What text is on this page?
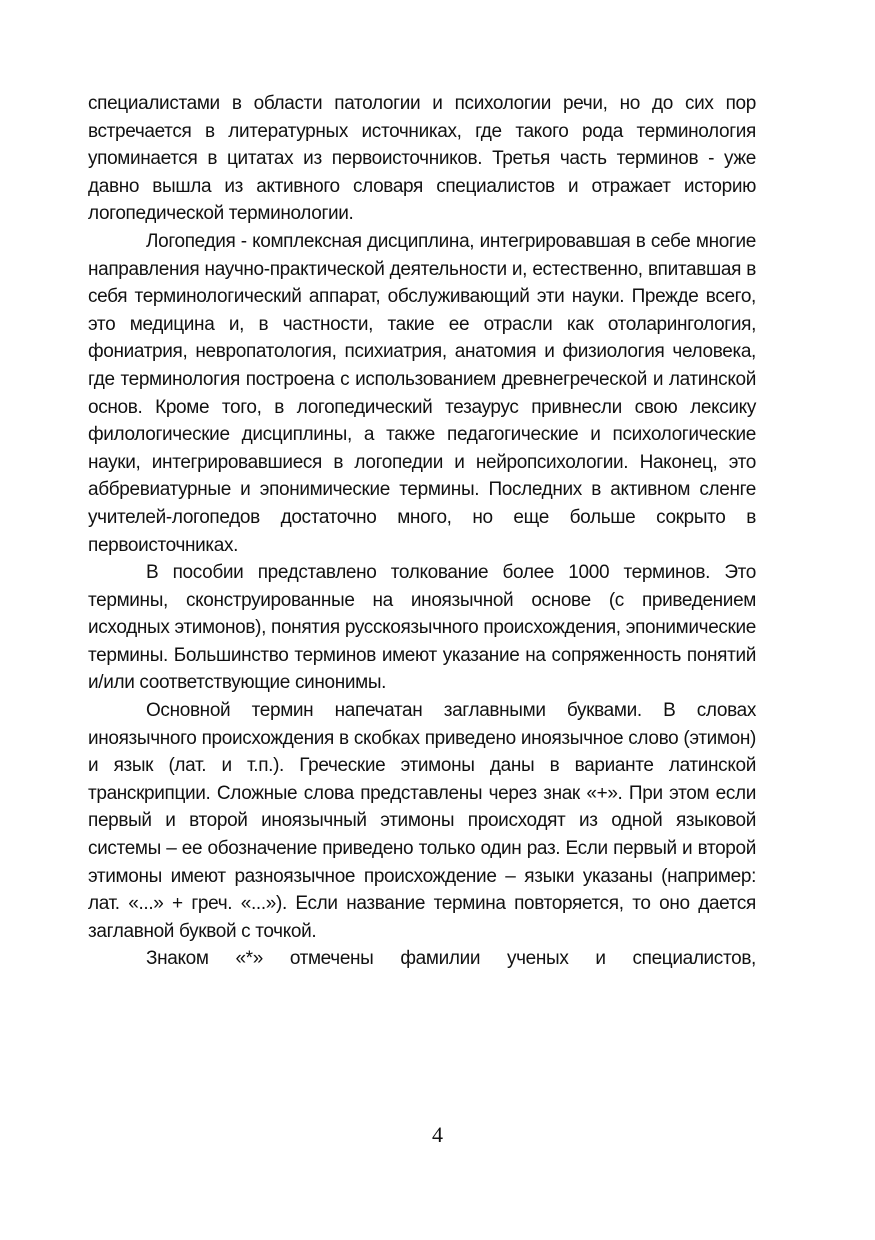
специалистами в области патологии и психологии речи, но до сих пор встречается в литературных источниках, где такого рода терминология упоминается в цитатах из первоисточников. Третья часть терминов - уже давно вышла из активного словаря специалистов и отражает историю логопедической терминологии.

Логопедия - комплексная дисциплина, интегрировавшая в себе многие направления научно-практической деятельности и, естественно, впитавшая в себя терминологический аппарат, обслуживающий эти науки. Прежде всего, это медицина и, в частности, такие ее отрасли как отоларингология, фониатрия, невропатология, психиатрия, анатомия и физиология человека, где терминология построена с использованием древнегреческой и латинской основ. Кроме того, в логопедический тезаурус привнесли свою лексику филологические дисциплины, а также педагогические и психологические науки, интегрировавшиеся в логопедии и нейропсихологии. Наконец, это аббревиатурные и эпонимические термины. Последних в активном сленге учителей-логопедов достаточно много, но еще больше сокрыто в первоисточниках.

В пособии представлено толкование более 1000 терминов. Это термины, сконструированные на иноязычной основе (с приведением исходных этимонов), понятия русскоязычного происхождения, эпонимические термины. Большинство терминов имеют указание на сопряженность понятий и/или соответствующие синонимы.

Основной термин напечатан заглавными буквами. В словах иноязычного происхождения в скобках приведено иноязычное слово (этимон) и язык (лат. и т.п.). Греческие этимоны даны в варианте латинской транскрипции. Сложные слова представлены через знак «+». При этом если первый и второй иноязычный этимоны происходят из одной языковой системы – ее обозначение приведено только один раз. Если первый и второй этимоны имеют разноязычное происхождение – языки указаны (например: лат. «...» + греч. «...»). Если название термина повторяется, то оно дается заглавной буквой с точкой.

Знаком «*» отмечены фамилии ученых и специалистов,

4
